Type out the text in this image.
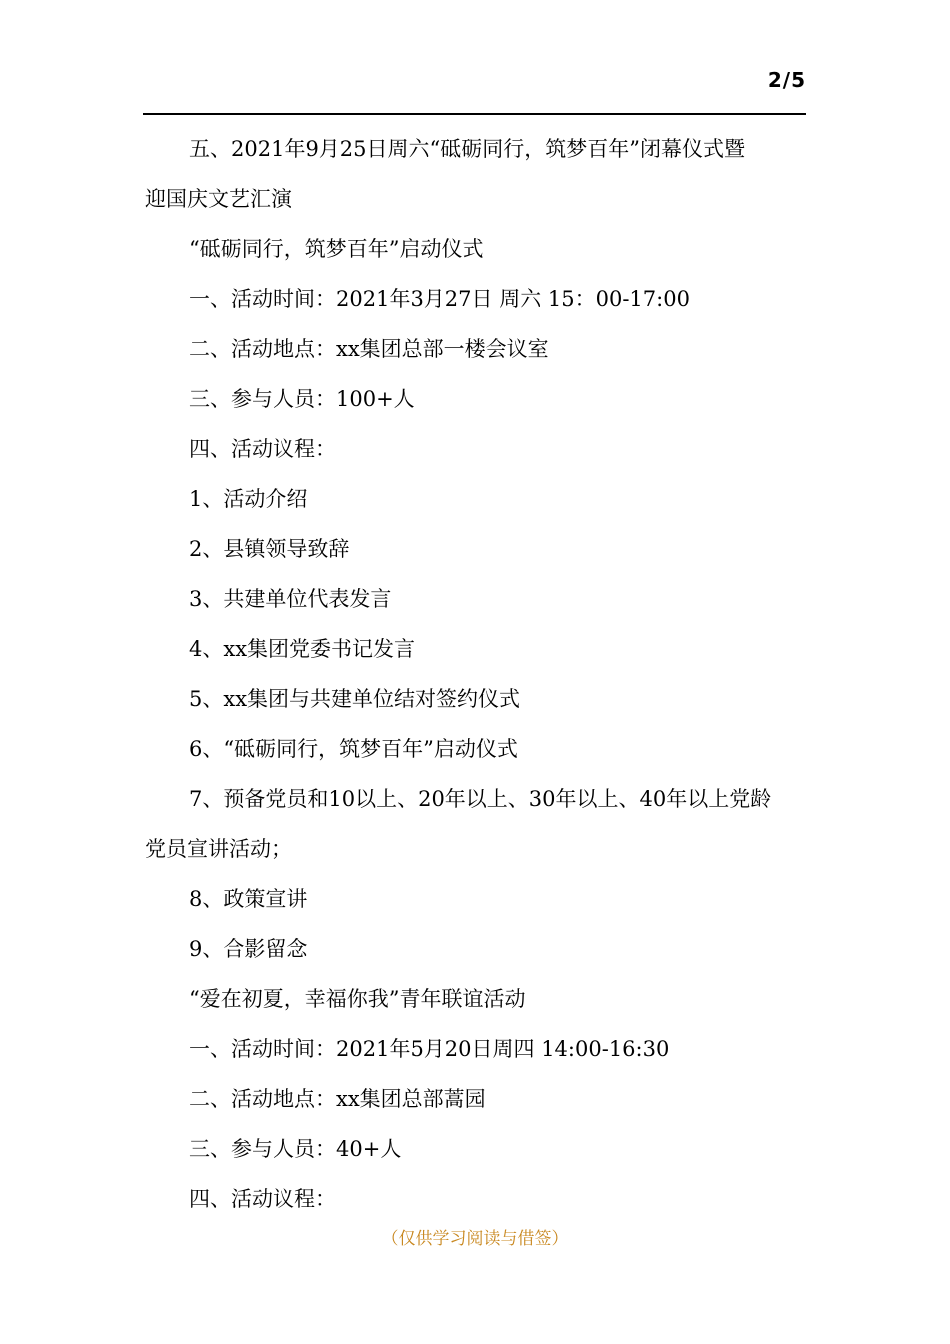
2/5

五、2021年9月25日周六“砥砺同行，筑梦百年”闭幕仪式暨

迎国庆文艺汇演

“砥砺同行，筑梦百年”启动仪式

一、活动时间：2021年3月27日 周六 15：00-17:00

二、活动地点：xx集团总部一楼会议室

三、参与人员：100+人

四、活动议程：

1、活动介绍

2、县镇领导致辞

3、共建单位代表发言

4、xx集团党委书记发言

5、xx集团与共建单位结对签约仪式

6、“砥砺同行，筑梦百年”启动仪式

7、预备党员和10以上、20年以上、30年以上、40年以上党龄

党员宣讲活动；

8、政策宣讲

9、合影留念

“爱在初夏，幸福你我”青年联谊活动

一、活动时间：2021年5月20日周四 14:00-16:30

二、活动地点：xx集团总部蒿园

三、参与人员：40+人

四、活动议程：

（仅供学习阅读与借签）
